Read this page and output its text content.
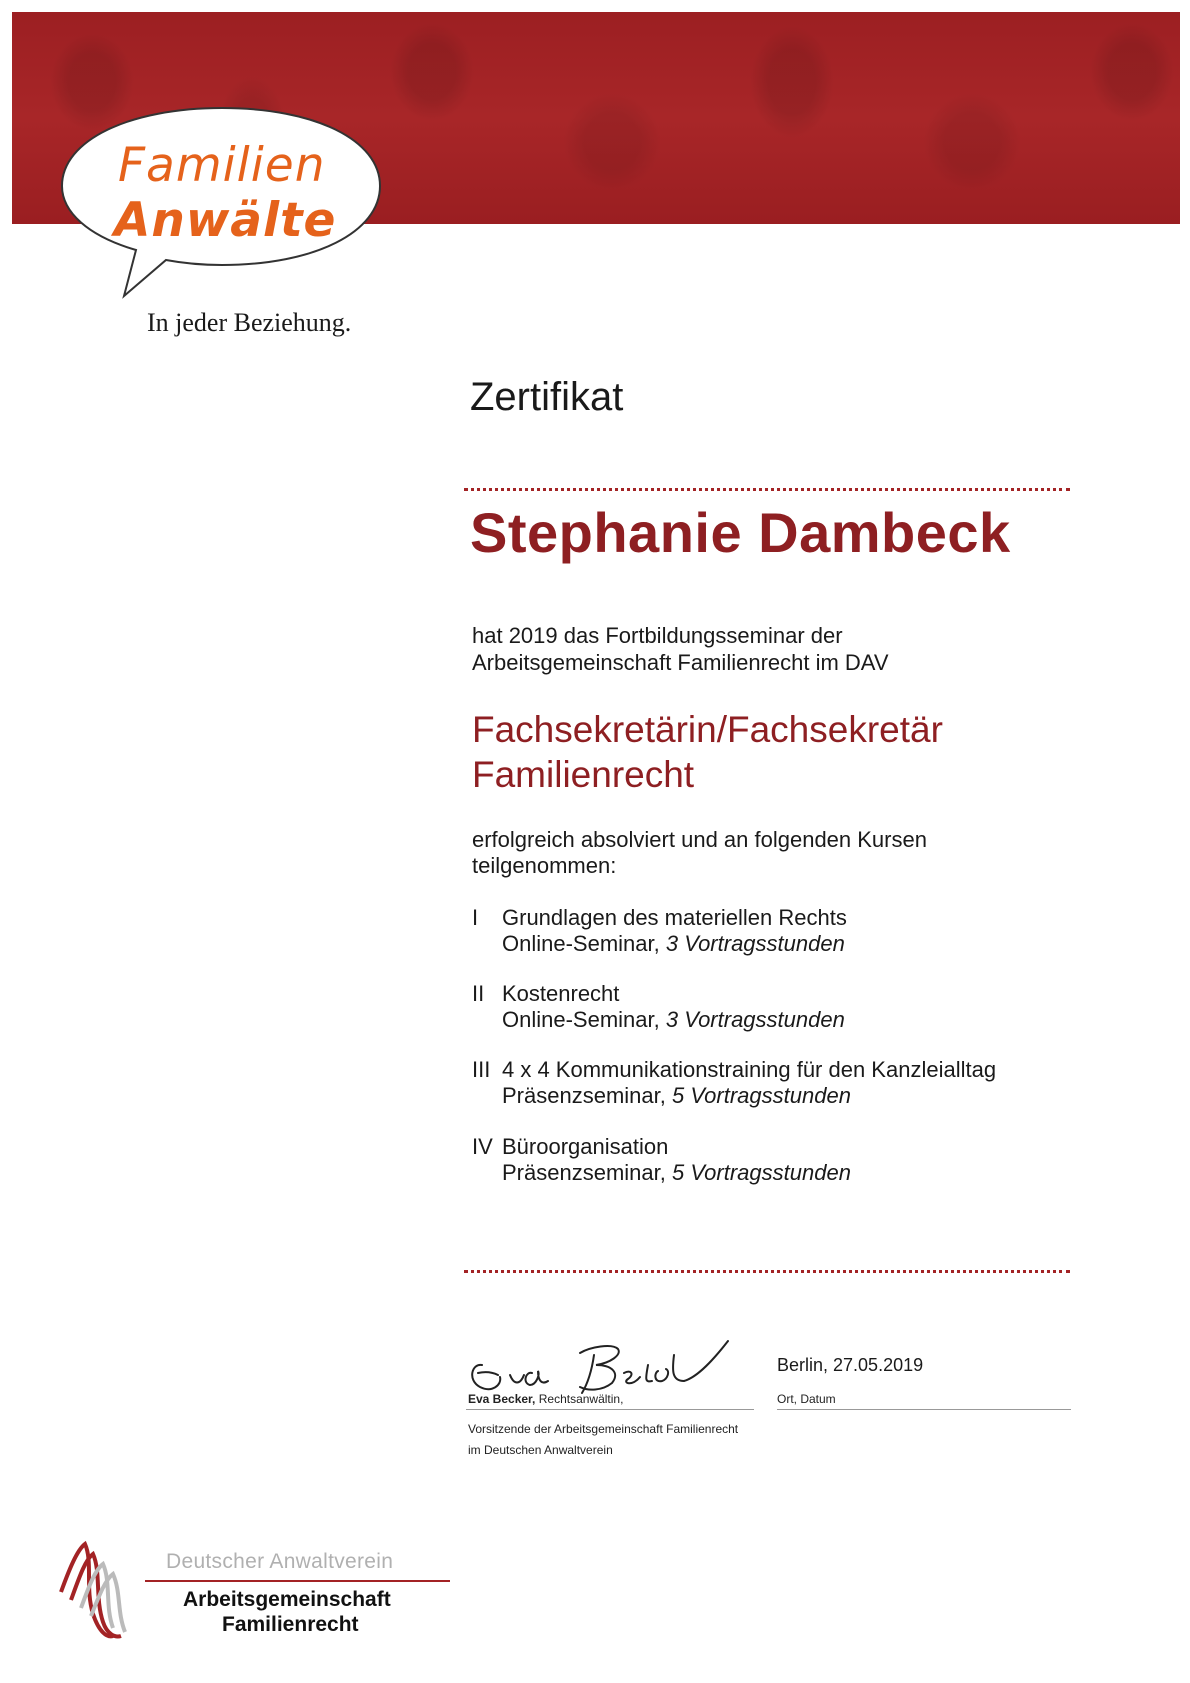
Familien
Anwälte
In jeder Beziehung.
Zertifikat
Stephanie Dambeck
hat 2019 das Fortbildungsseminar der
Arbeitsgemeinschaft Familienrecht im DAV
Fachsekretärin/Fachsekretär
Familienrecht
erfolgreich absolviert und an folgenden Kursen
teilgenommen:
I Grundlagen des materiellen Rechts
Online-Seminar, 3 Vortragsstunden
II Kostenrecht
Online-Seminar, 3 Vortragsstunden
III 4 x 4 Kommunikationstraining für den Kanzleialltag
Präsenzseminar, 5 Vortragsstunden
IV Büroorganisation
Präsenzseminar, 5 Vortragsstunden
Berlin, 27.05.2019
Eva Becker, Rechtsanwältin,	Ort, Datum
Vorsitzende der Arbeitsgemeinschaft Familienrecht
im Deutschen Anwaltverein
Deutscher Anwaltverein
Arbeitsgemeinschaft
Familienrecht
